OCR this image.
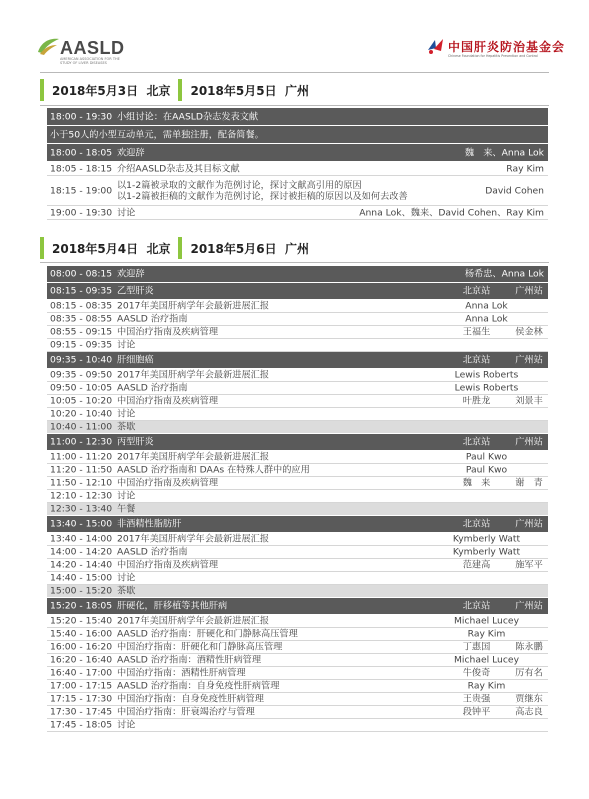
AASLD
AMERICAN ASSOCIATION FOR THE STUDY OF LIVER DISEASES
中国肝炎防治基金会
Chinese Foundation for Hepatitis Prevention and Control
2018年5月3日
北京 2018年5月5日
广州
18:00 - 19:30 小组讨论：在AASLD杂志发表文献
小于50人的小型互动单元，需单独注册，配备简餐。
18:00 - 18:05 欢迎辞	魏　来、Anna Lok
18:05 - 18:15 介绍AASLD杂志及其目标文献	Ray Kim
18:15 - 19:00 以1-2篇被录取的文献作为范例讨论，探讨文献高引用的原因
以1-2篇被拒稿的文献作为范例讨论，探讨被拒稿的原因以及如何去改善
David Cohen
19:00 - 19:30 讨论	Anna Lok、魏来、David Cohen、Ray Kim
2018年5月4日
北京 2018年5月6日
广州
08:00 - 08:15 欢迎辞	杨希忠、Anna Lok
08:15 - 09:35 乙型肝炎	北京站	广州站
08:15 - 08:35 2017年美国肝病学年会最新进展汇报	Anna Lok
08:35 - 08:55 AASLD 治疗指南	Anna Lok
08:55 - 09:15 中国治疗指南及疾病管理	王福生	侯金林
09:15 - 09:35 讨论
09:35 - 10:40 肝细胞癌	北京站	广州站
09:35 - 09:50 2017年美国肝病学年会最新进展汇报	Lewis Roberts
09:50 - 10:05 AASLD 治疗指南	Lewis Roberts
10:05 - 10:20 中国治疗指南及疾病管理	叶胜龙	刘景丰
10:20 - 10:40 讨论
10:40 - 11:00 茶歇
11:00 - 12:30 丙型肝炎	北京站	广州站
11:00 - 11:20 2017年美国肝病学年会最新进展汇报	Paul Kwo
11:20 - 11:50 AASLD 治疗指南和 DAAs 在特殊人群中的应用	Paul Kwo
11:50 - 12:10 中国治疗指南及疾病管理	魏　来	谢　青
12:10 - 12:30 讨论
12:30 - 13:40 午餐
13:40 - 15:00 非酒精性脂肪肝	北京站	广州站
13:40 - 14:00 2017年美国肝病学年会最新进展汇报	Kymberly Watt
14:00 - 14:20 AASLD 治疗指南	Kymberly Watt
14:20 - 14:40 中国治疗指南及疾病管理	范建高	施军平
14:40 - 15:00 讨论
15:00 - 15:20 茶歇
15:20 - 18:05 肝硬化，肝移植等其他肝病	北京站	广州站
15:20 - 15:40 2017年美国肝病学年会最新进展汇报	Michael Lucey
15:40 - 16:00 AASLD 治疗指南：肝硬化和门静脉高压管理	Ray Kim
16:00 - 16:20 中国治疗指南：肝硬化和门静脉高压管理	丁惠国	陈永鹏
16:20 - 16:40 AASLD 治疗指南：酒精性肝病管理	Michael Lucey
16:40 - 17:00 中国治疗指南：酒精性肝病管理	牛俊奇	厉有名
17:00 - 17:15 AASLD 治疗指南：自身免疫性肝病管理	Ray Kim
17:15 - 17:30 中国治疗指南：自身免疫性肝病管理	王贵强	贾继东
17:30 - 17:45 中国治疗指南：肝衰竭治疗与管理	段钟平	高志良
17:45 - 18:05 讨论
